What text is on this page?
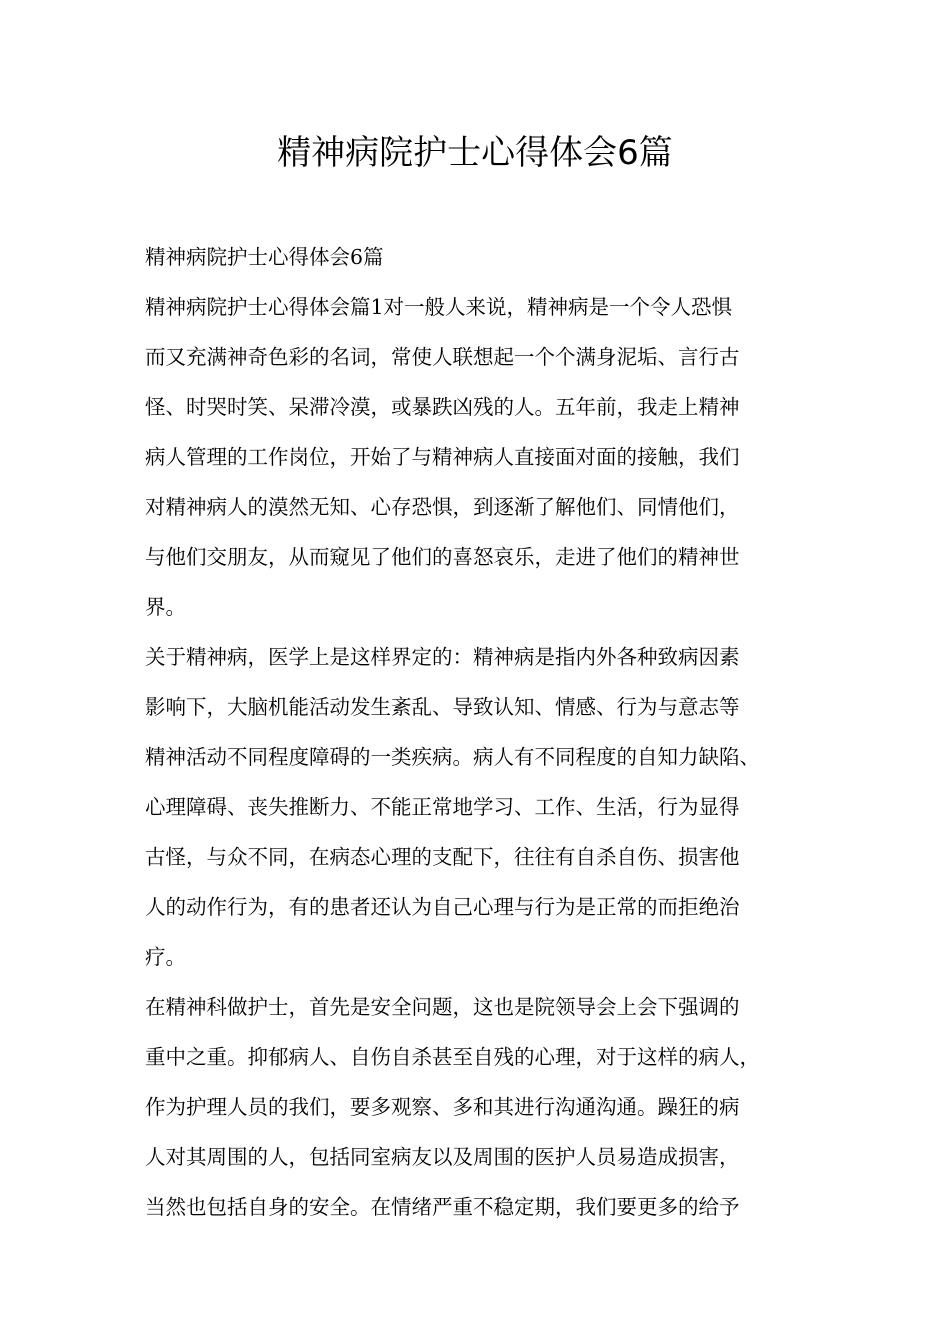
精神病院护士心得体会6篇
精神病院护士心得体会6篇
精神病院护士心得体会篇1对一般人来说，精神病是一个令人恐惧
而又充满神奇色彩的名词，常使人联想起一个个满身泥垢、言行古
怪、时哭时笑、呆滞冷漠，或暴跌凶残的人。五年前，我走上精神
病人管理的工作岗位，开始了与精神病人直接面对面的接触，我们
对精神病人的漠然无知、心存恐惧，到逐渐了解他们、同情他们，
与他们交朋友，从而窥见了他们的喜怒哀乐，走进了他们的精神世
界。
关于精神病，医学上是这样界定的：精神病是指内外各种致病因素
影响下，大脑机能活动发生紊乱、导致认知、情感、行为与意志等
精神活动不同程度障碍的一类疾病。病人有不同程度的自知力缺陷、
心理障碍、丧失推断力、不能正常地学习、工作、生活，行为显得
古怪，与众不同，在病态心理的支配下，往往有自杀自伤、损害他
人的动作行为，有的患者还认为自己心理与行为是正常的而拒绝治
疗。
在精神科做护士，首先是安全问题，这也是院领导会上会下强调的
重中之重。抑郁病人、自伤自杀甚至自残的心理，对于这样的病人，
作为护理人员的我们，要多观察、多和其进行沟通沟通。躁狂的病
人对其周围的人，包括同室病友以及周围的医护人员易造成损害，
当然也包括自身的安全。在情绪严重不稳定期，我们要更多的给予
